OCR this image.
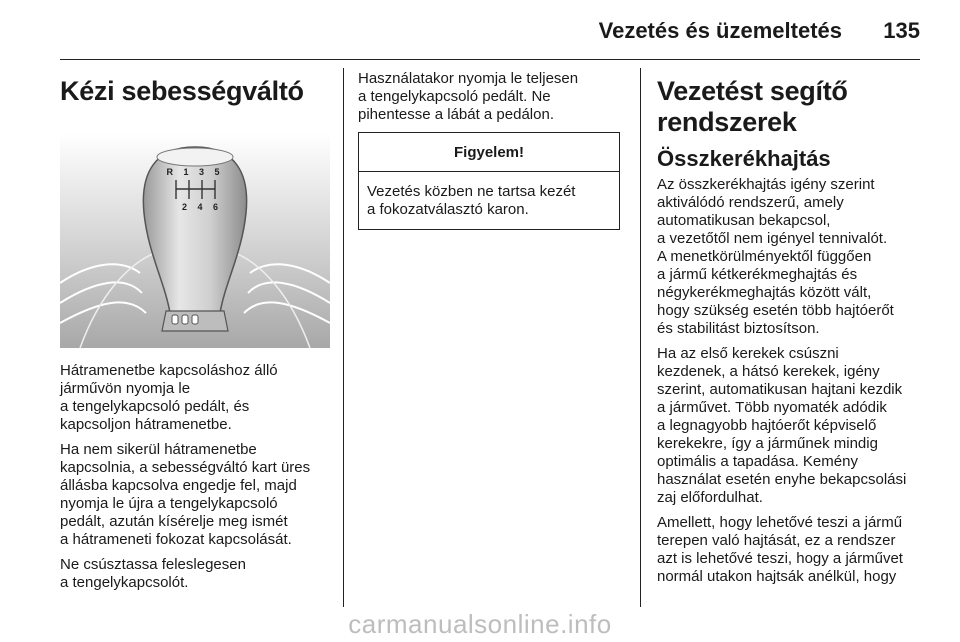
Vezetés és üzemeltetés 135
Kézi sebességváltó
R 1 3 5
2 4 6

Hátramenetbe kapcsoláshoz álló
járművön nyomja le
a tengelykapcsoló pedált, és
kapcsoljon hátramenetbe.

Ha nem sikerül hátramenetbe
kapcsolnia, a sebességváltó kart üres
állásba kapcsolva engedje fel, majd
nyomja le újra a tengelykapcsoló
pedált, azután kísérelje meg ismét
a hátrameneti fokozat kapcsolását.

Ne csúsztassa feleslegesen
a tengelykapcsolót.

Használatakor nyomja le teljesen
a tengelykapcsoló pedált. Ne
pihentesse a lábát a pedálon.

Figyelem!
Vezetés közben ne tartsa kezét
a fokozatválasztó karon.
Vezetést segítő
rendszerek
Összkerékhajtás

Az összkerékhajtás igény szerint
aktiválódó rendszerű, amely
automatikusan bekapcsol,
a vezetőtől nem igényel tennivalót.
A menetkörülményektől függően
a jármű kétkerékmeghajtás és
négykerékmeghajtás között vált,
hogy szükség esetén több hajtóerőt
és stabilitást biztosítson.

Ha az első kerekek csúszni
kezdenek, a hátsó kerekek, igény
szerint, automatikusan hajtani kezdik
a járművet. Több nyomaték adódik
a legnagyobb hajtóerőt képviselő
kerekekre, így a járműnek mindig
optimális a tapadása. Kemény
használat esetén enyhe bekapcsolási
zaj előfordulhat.

Amellett, hogy lehetővé teszi a jármű
terepen való hajtását, ez a rendszer
azt is lehetővé teszi, hogy a járművet
normál utakon hajtsák anélkül, hogy

carmanualsonline.info
